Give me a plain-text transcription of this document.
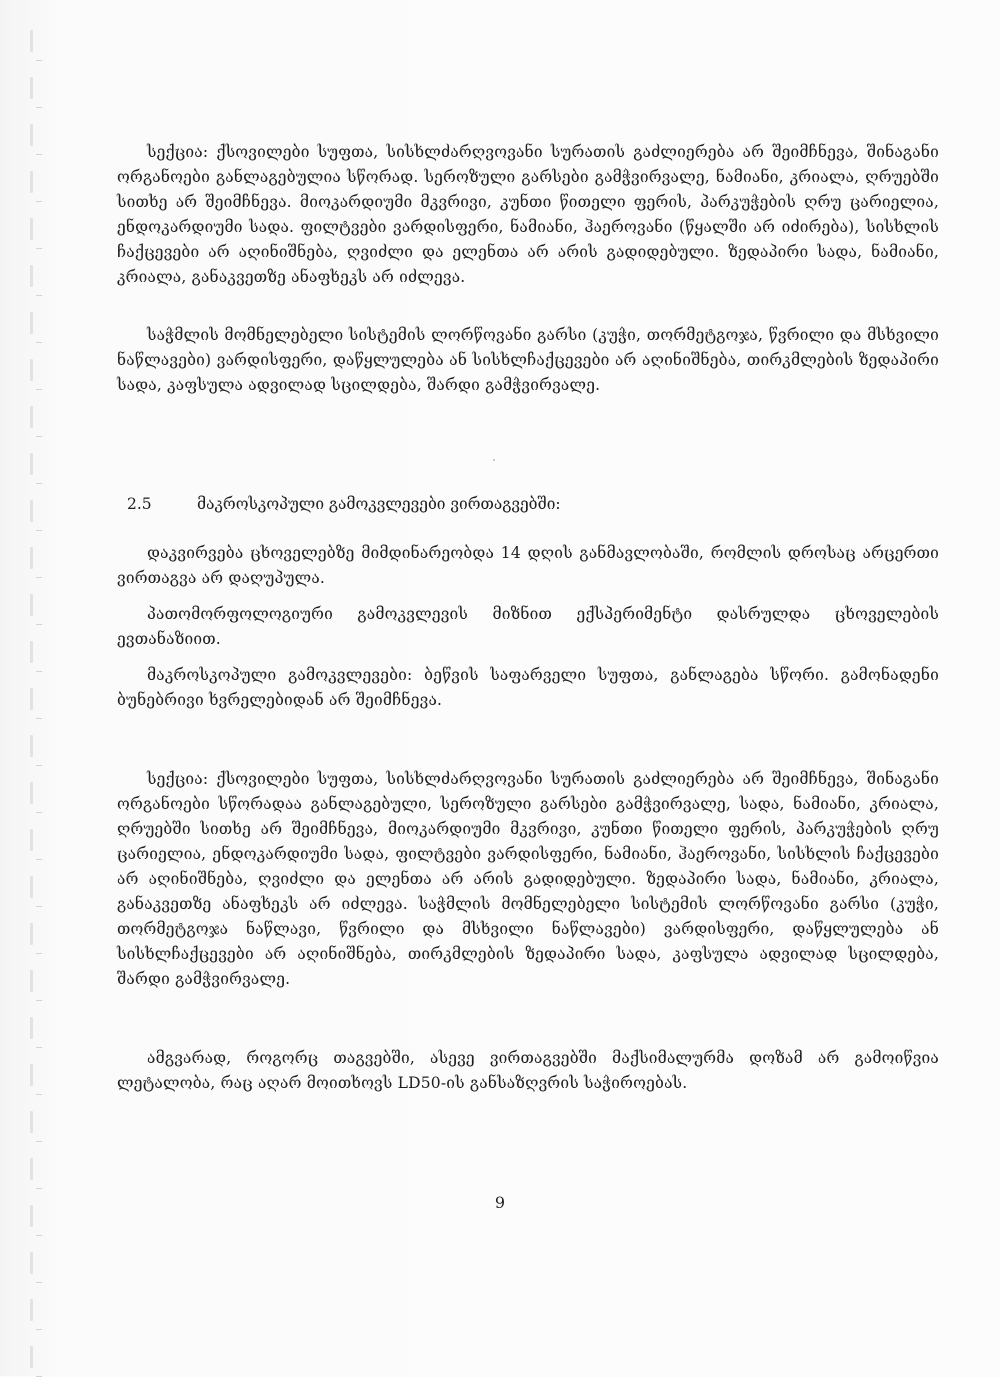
სექცია: ქსოვილები სუფთა, სისხლძარღვოვანი სურათის გაძლიერება არ შეიმჩნევა, შინაგანი ორგანოები განლაგებულია სწორად. სეროზული გარსები გამჭვირვალე, ნამიანი, კრიალა, ღრუებში სითხე არ შეიმჩნევა. მიოკარდიუმი მკვრივი, კუნთი წითელი ფერის, პარკუჭების ღრუ ცარიელია, ენდოკარდიუმი სადა. ფილტვები ვარდისფერი, ნამიანი, ჰაეროვანი (წყალში არ იძირება), სისხლის ჩაქცევები არ აღინიშნება, ღვიძლი და ელენთა არ არის გადიდებული. ზედაპირი სადა, ნამიანი, კრიალა, განაკვეთზე ანაფხეკს არ იძლევა.

საჭმლის მომნელებელი სისტემის ლორწოვანი გარსი (კუჭი, თორმეტგოჯა, წვრილი და მსხვილი ნაწლავები) ვარდისფერი, დაწყლულება ან სისხლჩაქცევები არ აღინიშნება, თირკმლების ზედაპირი სადა, კაფსულა ადვილად სცილდება, შარდი გამჭვირვალე.

2.5	მაკროსკოპული გამოკვლევები ვირთაგვებში:

დაკვირვება ცხოველებზე მიმდინარეობდა 14 დღის განმავლობაში, რომლის დროსაც არცერთი ვირთაგვა არ დაღუპულა.

პათომორფოლოგიური გამოკვლევის მიზნით ექსპერიმენტი დასრულდა ცხოველების ევთანაზიით.

მაკროსკოპული გამოკვლევები: ბეწვის საფარველი სუფთა, განლაგება სწორი. გამონადენი ბუნებრივი ხვრელებიდან არ შეიმჩნევა.

სექცია: ქსოვილები სუფთა, სისხლძარღვოვანი სურათის გაძლიერება არ შეიმჩნევა, შინაგანი ორგანოები სწორადაა განლაგებული, სეროზული გარსები გამჭვირვალე, სადა, ნამიანი, კრიალა, ღრუებში სითხე არ შეიმჩნევა, მიოკარდიუმი მკვრივი, კუნთი წითელი ფერის, პარკუჭების ღრუ ცარიელია, ენდოკარდიუმი სადა, ფილტვები ვარდისფერი, ნამიანი, ჰაეროვანი, სისხლის ჩაქცევები არ აღინიშნება, ღვიძლი და ელენთა არ არის გადიდებული. ზედაპირი სადა, ნამიანი, კრიალა, განაკვეთზე ანაფხეკს არ იძლევა. საჭმლის მომნელებელი სისტემის ლორწოვანი გარსი (კუჭი, თორმეტგოჯა ნაწლავი, წვრილი და მსხვილი ნაწლავები) ვარდისფერი, დაწყლულება ან სისხლჩაქცევები არ აღინიშნება, თირკმლების ზედაპირი სადა, კაფსულა ადვილად სცილდება, შარდი გამჭვირვალე.

ამგვარად, როგორც თაგვებში, ასევე ვირთაგვებში მაქსიმალურმა დოზამ არ გამოიწვია ლეტალობა, რაც აღარ მოითხოვს LD50-ის განსაზღვრის საჭიროებას.

9
